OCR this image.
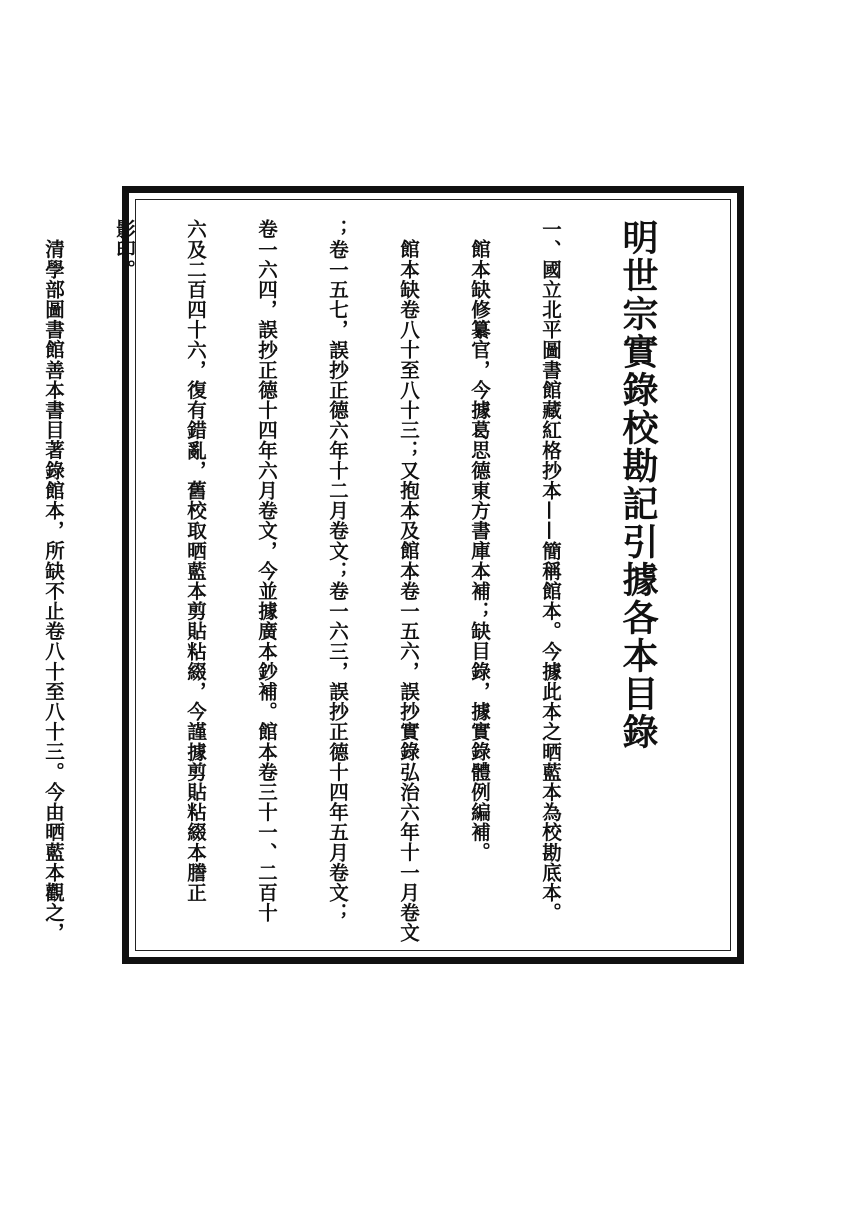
明世宗實錄校勘記引據各本目錄

一、國立北平圖書館藏紅格抄本——簡稱館本。今據此本之晒藍本為校勘底本。

館本缺修纂官，今據葛思德東方書庫本補；缺目錄，據實錄體例編補。

館本缺卷八十至八十三；又抱本及館本卷一五六，誤抄實錄弘治六年十一月卷文

；卷一五七，誤抄正德六年十二月卷文；卷一六三，誤抄正德十四年五月卷文；

卷一六四，誤抄正德十四年六月卷文，今並據廣本鈔補。館本卷三十一、二百十

六及二百四十六，復有錯亂，舊校取晒藍本剪貼粘綴，今謹據剪貼粘綴本謄正

影印。

清學部圖書館善本書目著錄館本，所缺不止卷八十至八十三。今由晒藍本觀之，
